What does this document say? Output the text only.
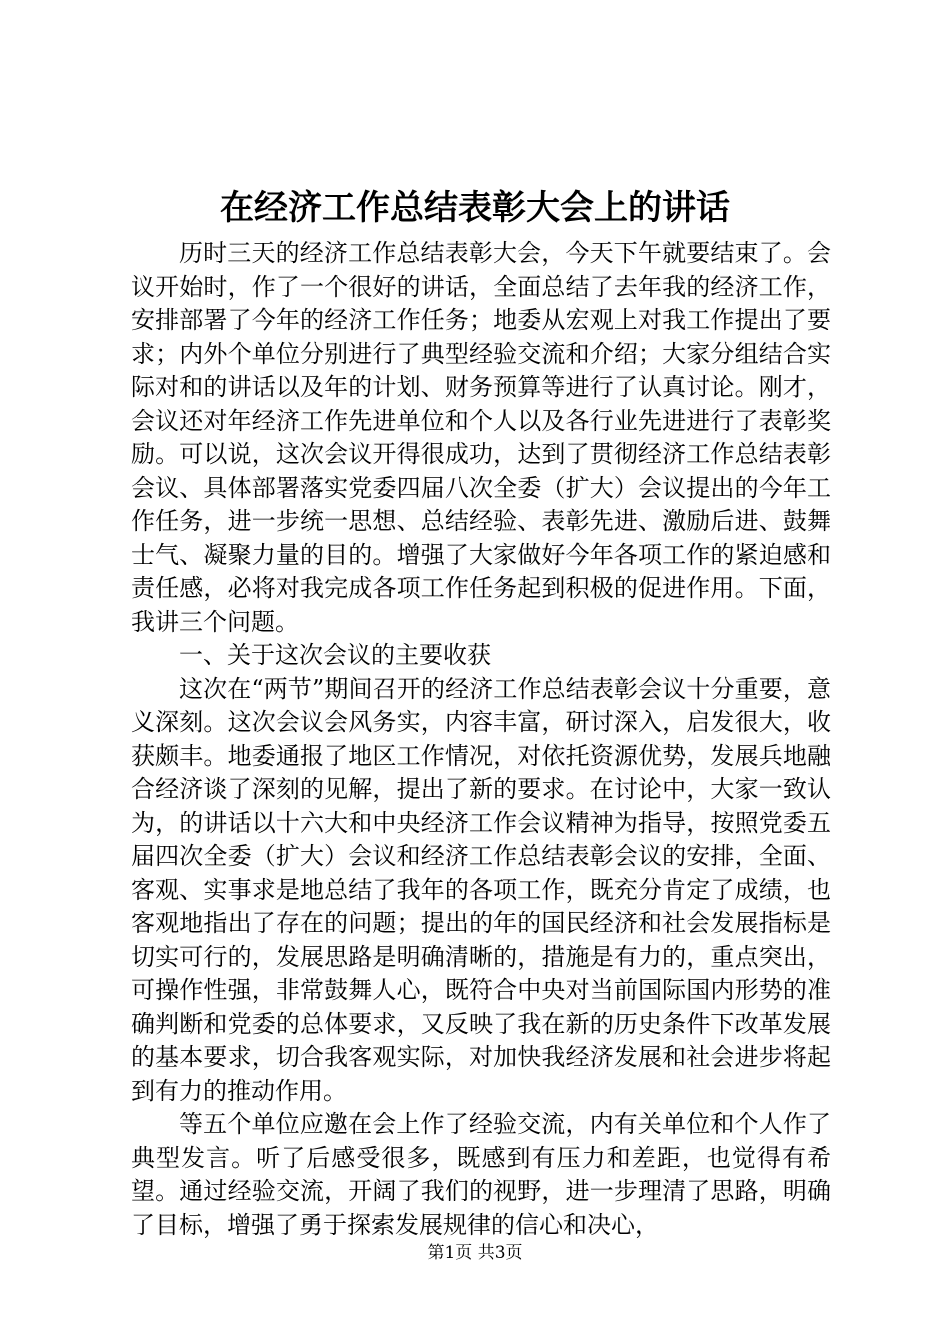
在经济工作总结表彰大会上的讲话

历时三天的经济工作总结表彰大会，今天下午就要结束了。会议开始时，作了一个很好的讲话，全面总结了去年我的经济工作，安排部署了今年的经济工作任务；地委从宏观上对我工作提出了要求；内外个单位分别进行了典型经验交流和介绍；大家分组结合实际对和的讲话以及年的计划、财务预算等进行了认真讨论。刚才，会议还对年经济工作先进单位和个人以及各行业先进进行了表彰奖励。可以说，这次会议开得很成功，达到了贯彻经济工作总结表彰会议、具体部署落实党委四届八次全委（扩大）会议提出的今年工作任务，进一步统一思想、总结经验、表彰先进、激励后进、鼓舞士气、凝聚力量的目的。增强了大家做好今年各项工作的紧迫感和责任感，必将对我完成各项工作任务起到积极的促进作用。下面，我讲三个问题。

一、关于这次会议的主要收获

这次在“两节”期间召开的经济工作总结表彰会议十分重要，意义深刻。这次会议会风务实，内容丰富，研讨深入，启发很大，收获颇丰。地委通报了地区工作情况，对依托资源优势，发展兵地融合经济谈了深刻的见解，提出了新的要求。在讨论中，大家一致认为，的讲话以十六大和中央经济工作会议精神为指导，按照党委五届四次全委（扩大）会议和经济工作总结表彰会议的安排，全面、客观、实事求是地总结了我年的各项工作，既充分肯定了成绩，也客观地指出了存在的问题；提出的年的国民经济和社会发展指标是切实可行的，发展思路是明确清晰的，措施是有力的，重点突出，可操作性强，非常鼓舞人心，既符合中央对当前国际国内形势的准确判断和党委的总体要求，又反映了我在新的历史条件下改革发展的基本要求，切合我客观实际，对加快我经济发展和社会进步将起到有力的推动作用。

等五个单位应邀在会上作了经验交流，内有关单位和个人作了典型发言。听了后感受很多，既感到有压力和差距，也觉得有希望。通过经验交流，开阔了我们的视野，进一步理清了思路，明确了目标，增强了勇于探索发展规律的信心和决心，

第1页 共3页
